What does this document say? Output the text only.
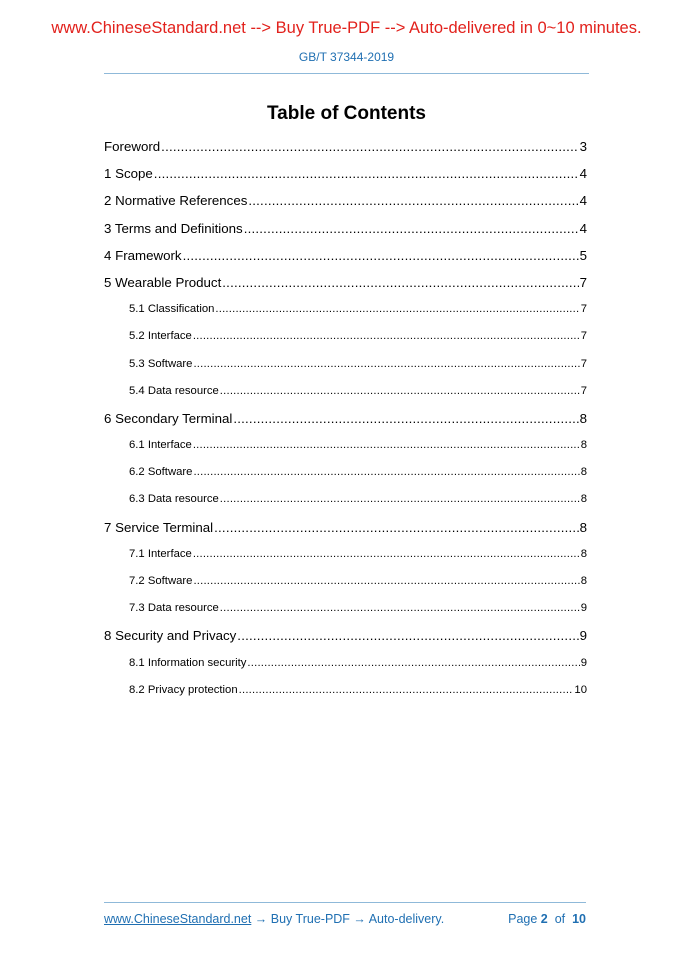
www.ChineseStandard.net --> Buy True-PDF --> Auto-delivered in 0~10 minutes.
GB/T 37344-2019
Table of Contents
Foreword .....	3
1 Scope .....	4
2 Normative References .....	4
3 Terms and Definitions .....	4
4 Framework .....	5
5 Wearable Product .....	7
5.1 Classification .....	7
5.2 Interface .....	7
5.3 Software .....	7
5.4 Data resource .....	7
6 Secondary Terminal .....	8
6.1 Interface .....	8
6.2 Software .....	8
6.3 Data resource .....	8
7 Service Terminal .....	8
7.1 Interface .....	8
7.2 Software .....	8
7.3 Data resource .....	9
8 Security and Privacy .....	9
8.1 Information security .....	9
8.2 Privacy protection .....	10
www.ChineseStandard.net → Buy True-PDF → Auto-delivery.	Page 2 of 10
